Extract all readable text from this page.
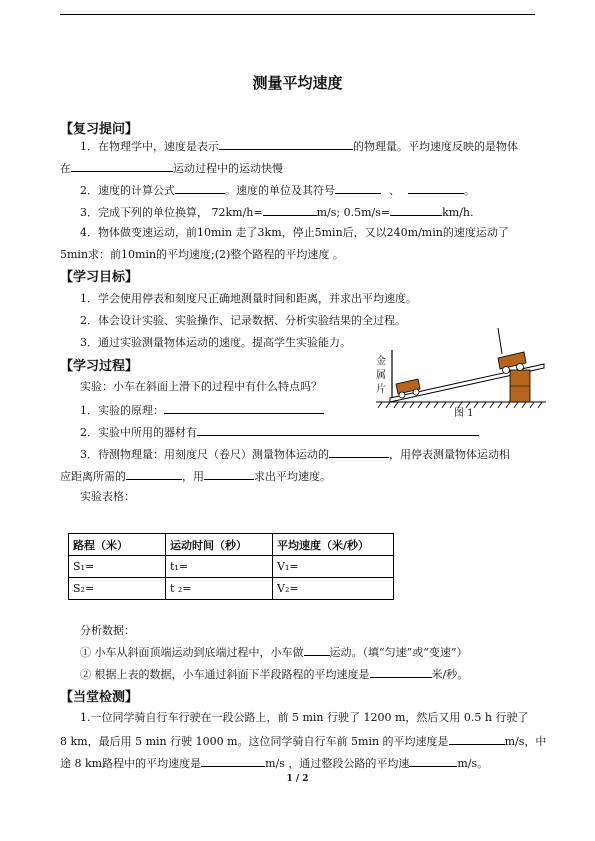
测量平均速度
【复习提问】
1．在物理学中，速度是表示	的物理量。平均速度反映的是物体
在	运动过程中的运动快慢
2．速度的计算公式	。速度的单位及其符号	、	。
3．完成下列的单位换算， 72km/h=	m/s; 0.5m/s=	km/h.
4．物体做变速运动，前10min 走了3km，停止5min后，又以240m/min的速度运动了
5min求：前10min的平均速度;(2)整个路程的平均速度 。
【学习目标】
1．学会使用停表和刻度尺正确地测量时间和距离，并求出平均速度。
2．体会设计实验、实验操作、记录数据、分析实验结果的全过程。
3．通过实验测量物体运动的速度。提高学生实验能力。
【学习过程】
实验：小车在斜面上滑下的过程中有什么特点吗？
1．实验的原理：
2．实验中所用的器材有
3．待测物理量：用刻度尺（卷尺）测量物体运动的	，用停表测量物体运动相
应距离所需的	，用	求出平均速度。
实验表格：
金
属
片
图 1
路程（米）	运动时间（秒）	平均速度（米/秒）
S₁=	t₁=	V₁=
S₂=	t ₂=	V₂=
分析数据：
① 小车从斜面顶端运动到底端过程中，小车做 运动。（填“匀速”或“变速”）
② 根据上表的数据，小车通过斜面下半段路程的平均速度是	米/秒。
【当堂检测】
1.一位同学骑自行车行驶在一段公路上，前 5 min 行驶了 1200 m，然后又用 0.5 h 行驶了
8 km，最后用 5 min 行驶 1000 m。这位同学骑自行车前 5min 的平均速度是	m/s，中
途 8 km路程中的平均速度是	m/s ，通过整段公路的平均速	m/s。
1 / 2
